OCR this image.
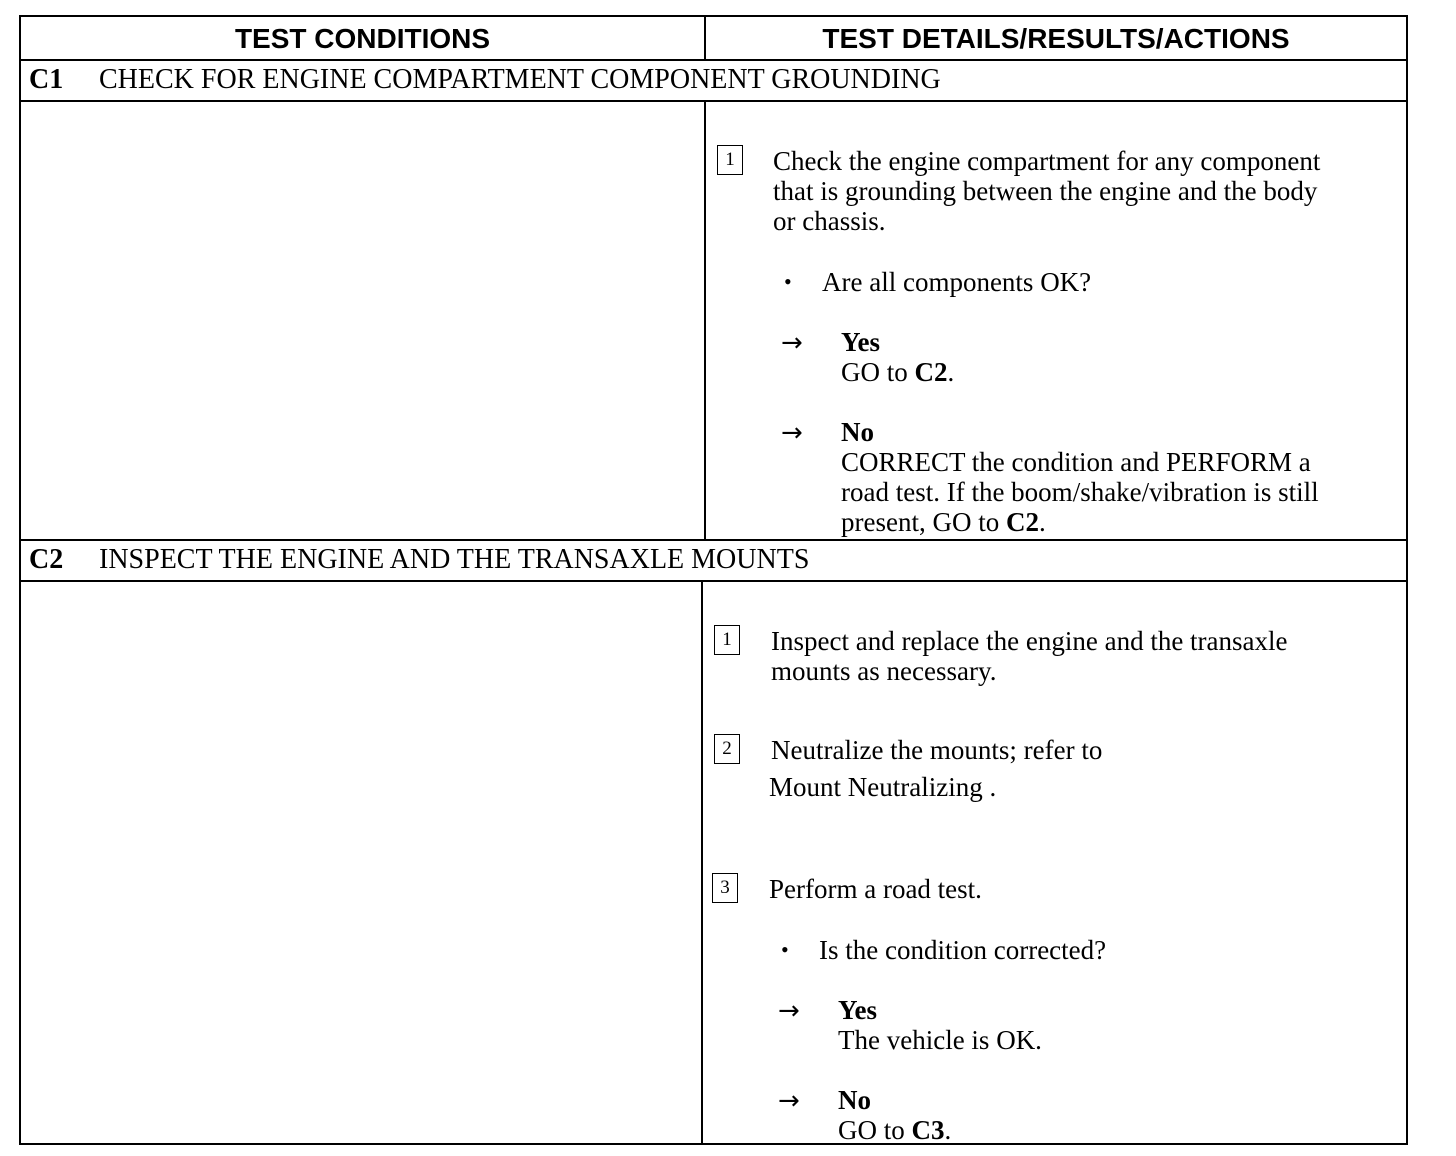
TEST CONDITIONS	TEST DETAILS/RESULTS/ACTIONS
C1 CHECK FOR ENGINE COMPARTMENT COMPONENT GROUNDING
1	Check the engine compartment for any component
that is grounding between the engine and the body
or chassis.
• Are all components OK?
→ Yes
GO to C2.
→ No
CORRECT the condition and PERFORM a
road test. If the boom/shake/vibration is still
present, GO to C2.
C2 INSPECT THE ENGINE AND THE TRANSAXLE MOUNTS
1	Inspect and replace the engine and the transaxle
mounts as necessary.
2	Neutralize the mounts; refer to
Mount Neutralizing .
3	Perform a road test.
• Is the condition corrected?
→ Yes
The vehicle is OK.
→ No
GO to C3.
